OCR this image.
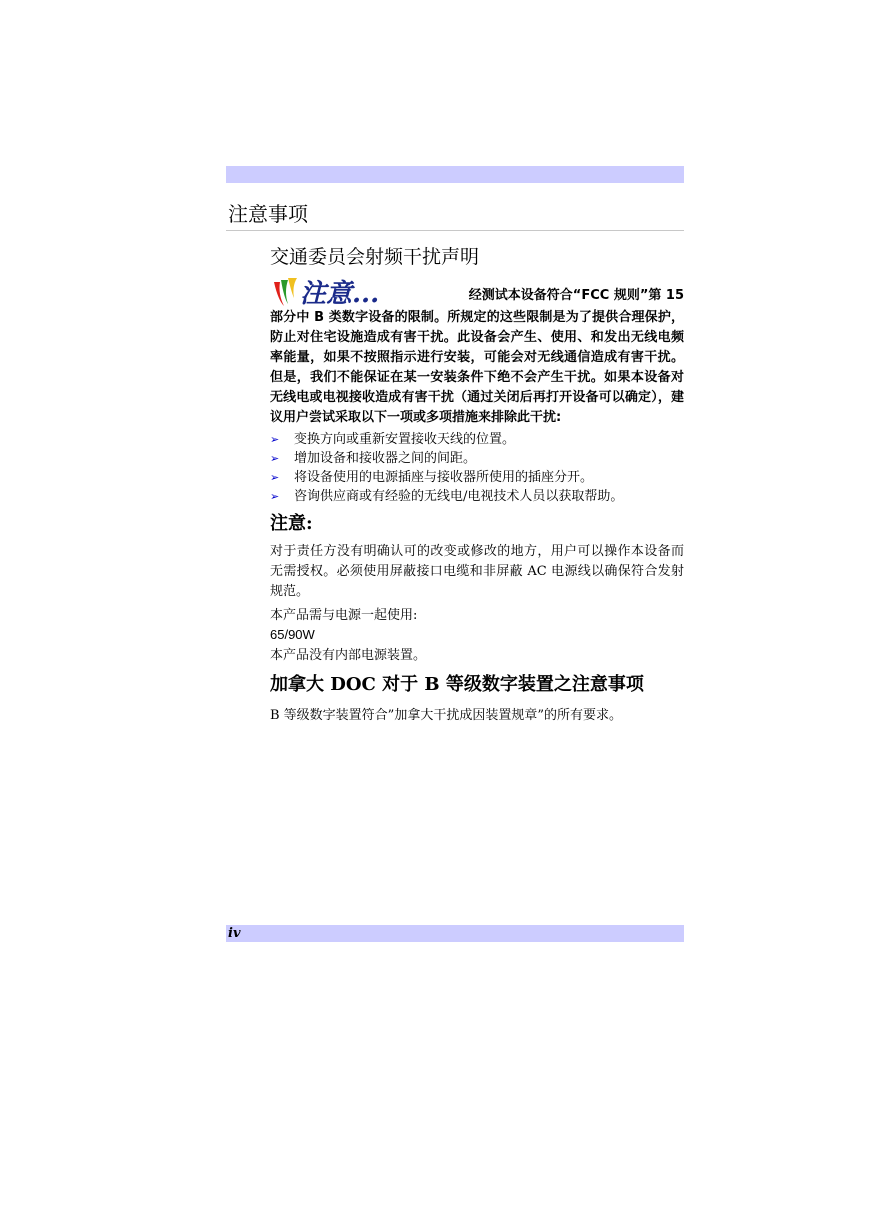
注意事项
交通委员会射频干扰声明
注意...	经测试本设备符合“FCC 规则”第 15
部分中 B 类数字设备的限制。所规定的这些限制是为了提供合理保护，防止对住宅设施造成有害干扰。此设备会产生、使用、和发出无线电频率能量，如果不按照指示进行安装，可能会对无线通信造成有害干扰。但是，我们不能保证在某一安装条件下绝不会产生干扰。如果本设备对无线电或电视接收造成有害干扰（通过关闭后再打开设备可以确定），建议用户尝试采取以下一项或多项措施来排除此干扰:
➢ 变换方向或重新安置接收天线的位置。
➢ 增加设备和接收器之间的间距。
➢ 将设备使用的电源插座与接收器所使用的插座分开。
➢ 咨询供应商或有经验的无线电/电视技术人员以获取帮助。
注意:

对于责任方没有明确认可的改变或修改的地方，用户可以操作本设备而无需授权。必须使用屏蔽接口电缆和非屏蔽 AC 电源线以确保符合发射规范。

本产品需与电源一起使用:

65/90W

本产品没有内部电源装置。

加拿大 DOC 对于 B 等级数字装置之注意事项

B 等级数字装置符合”加拿大干扰成因装置规章”的所有要求。

iv
